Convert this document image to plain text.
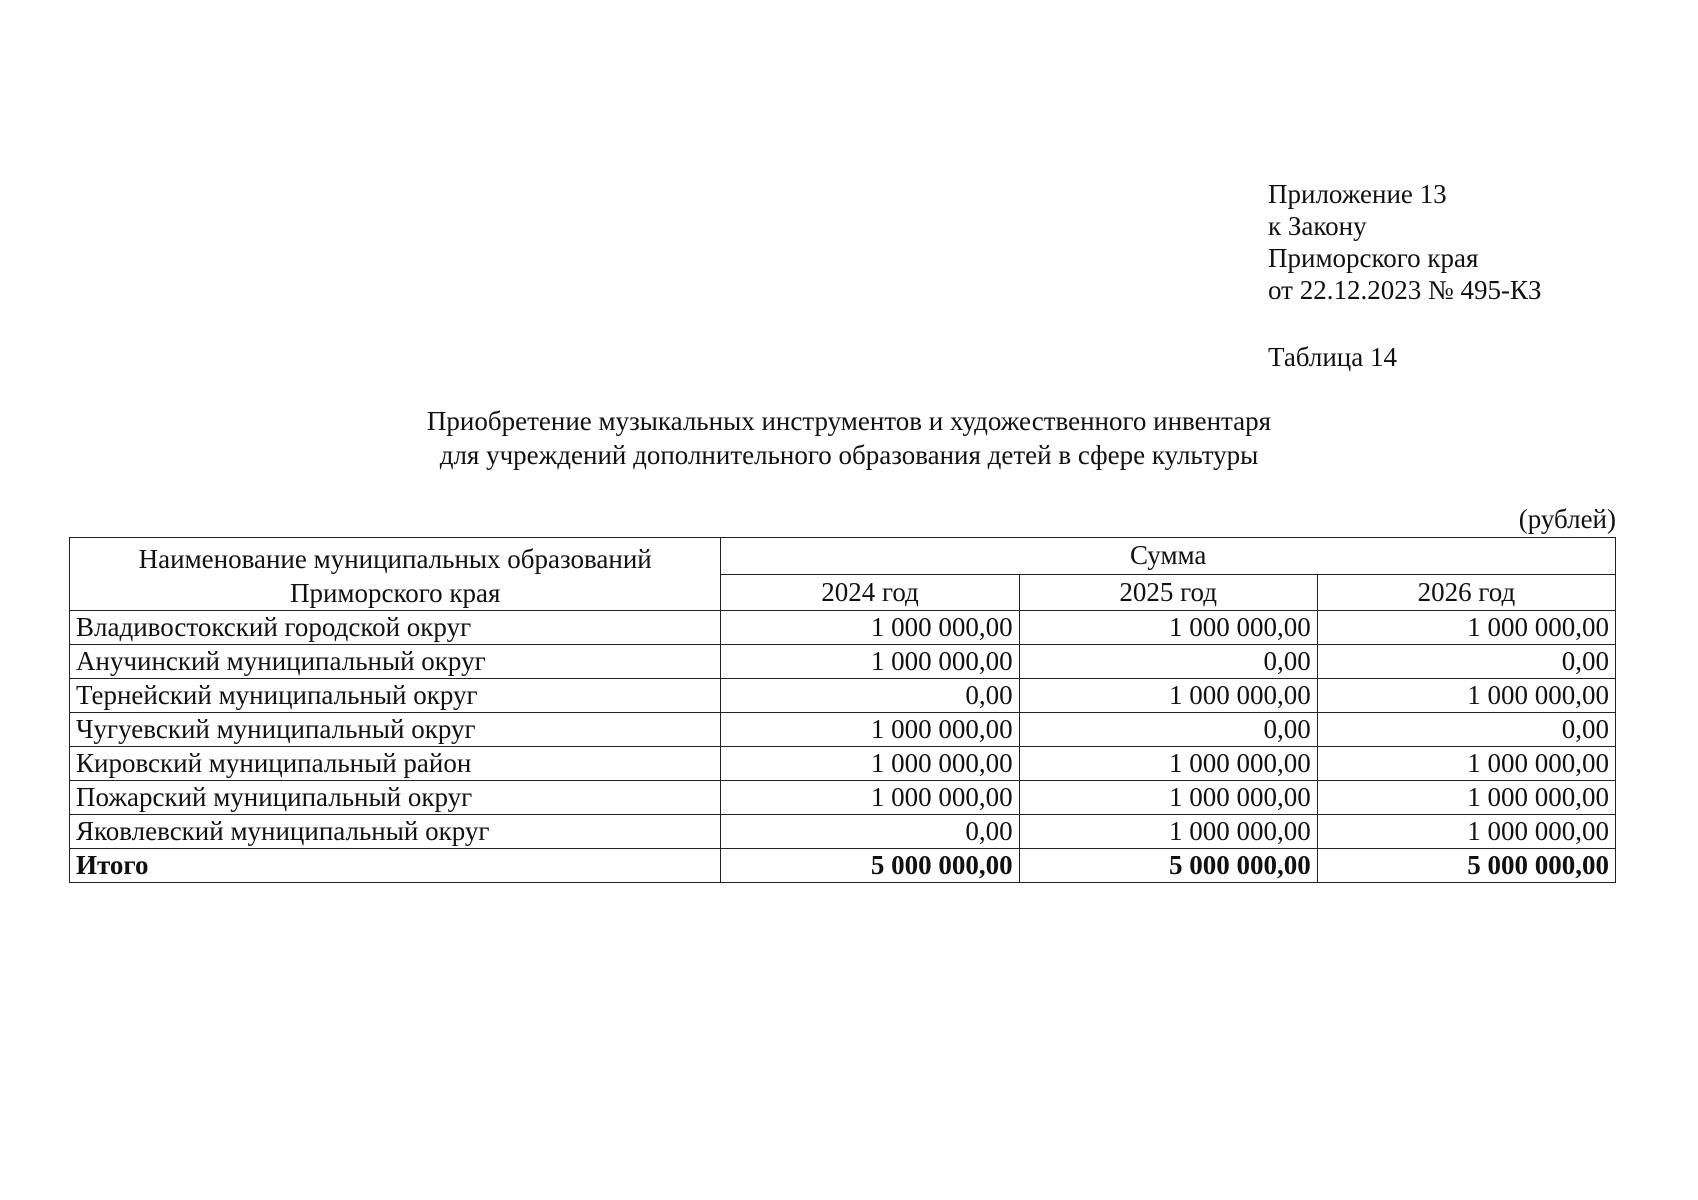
Приложение 13
к Закону
Приморского края
от 22.12.2023 № 495-КЗ
Таблица 14
Приобретение музыкальных инструментов и художественного инвентаря
для учреждений дополнительного образования детей в сфере культуры
(рублей)
Наименование муниципальных образований
Приморского края	Сумма		
	2024 год	2025 год	2026 год
Владивостокский городской округ	1 000 000,00	1 000 000,00	1 000 000,00
Анучинский муниципальный округ	1 000 000,00	0,00	0,00
Тернейский муниципальный округ	0,00	1 000 000,00	1 000 000,00
Чугуевский муниципальный округ	1 000 000,00	0,00	0,00
Кировский муниципальный район	1 000 000,00	1 000 000,00	1 000 000,00
Пожарский муниципальный округ	1 000 000,00	1 000 000,00	1 000 000,00
Яковлевский муниципальный округ	0,00	1 000 000,00	1 000 000,00
Итого	5 000 000,00	5 000 000,00	5 000 000,00
